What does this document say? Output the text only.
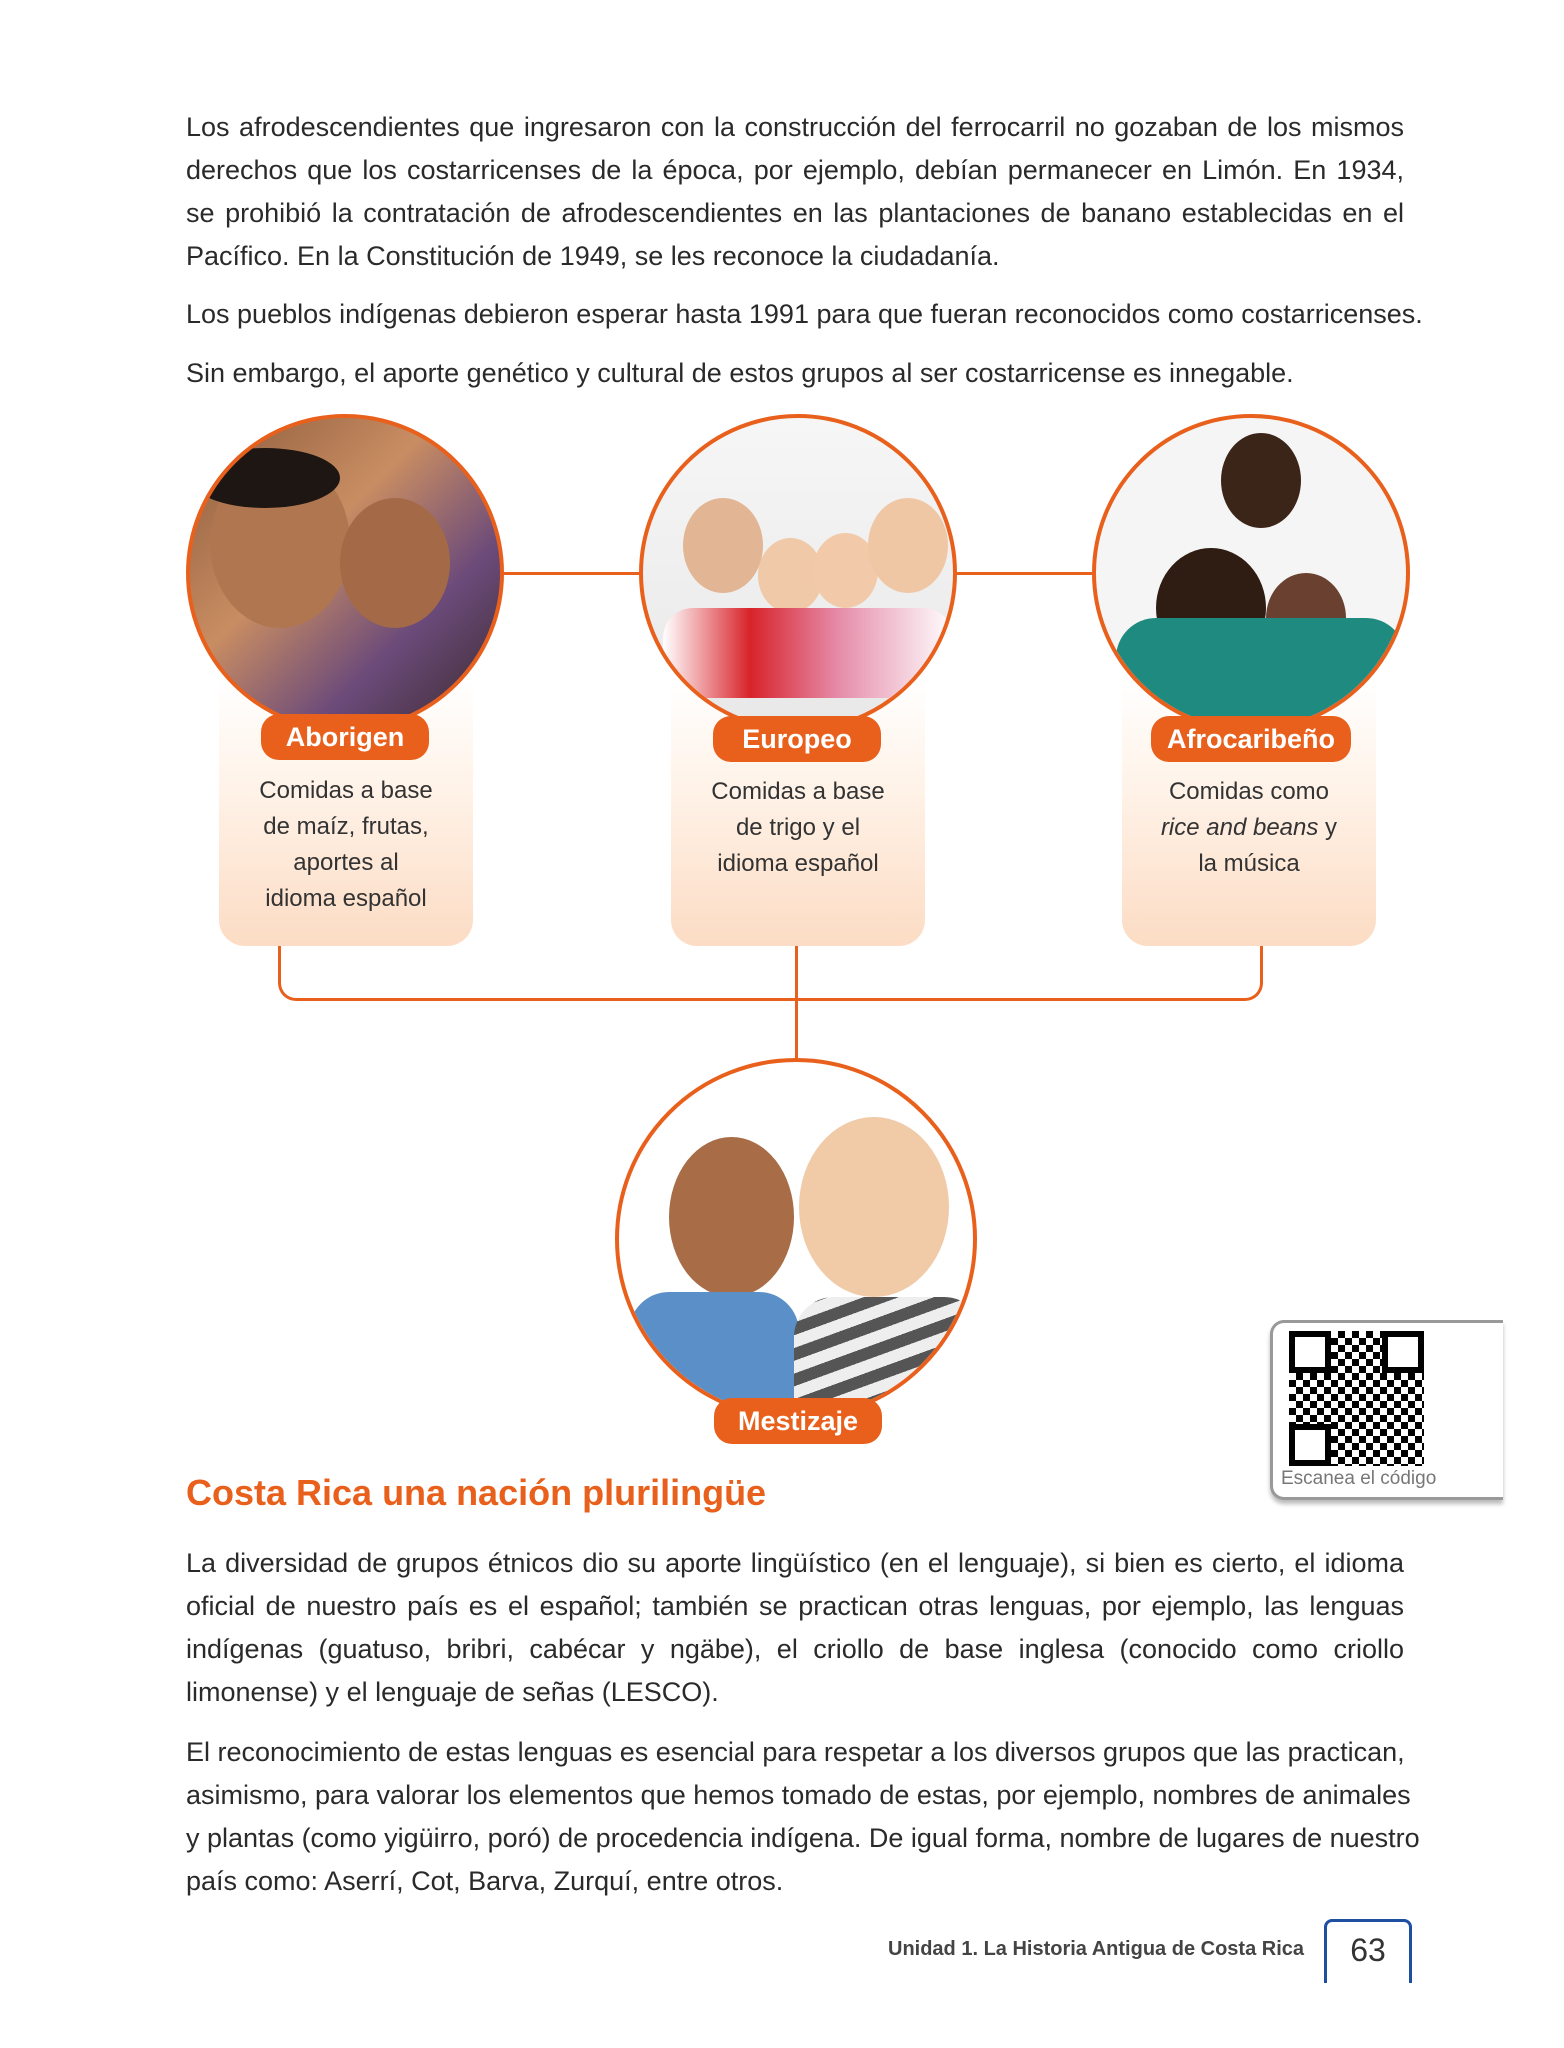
Los afrodescendientes que ingresaron con la construcción del ferrocarril no gozaban de los mismos
derechos que los costarricenses de la época, por ejemplo, debían permanecer en Limón. En 1934,
se prohibió la contratación de afrodescendientes en las plantaciones de banano establecidas en el
Pacífico. En la Constitución de 1949, se les reconoce la ciudadanía.
Los pueblos indígenas debieron esperar hasta 1991 para que fueran reconocidos como costarricenses.
Sin embargo, el aporte genético y cultural de estos grupos al ser costarricense es innegable.
Comidas a base
de maíz, frutas,
aportes al
idioma español
Comidas a base
de trigo y el
idioma español
Comidas como
rice and beans y
la música
Aborigen	Europeo	Afrocaribeño
Mestizaje
Escanea el código
Costa Rica una nación plurilingüe
La diversidad de grupos étnicos dio su aporte lingüístico (en el lenguaje), si bien es cierto, el idioma
oficial de nuestro país es el español; también se practican otras lenguas, por ejemplo, las lenguas
indígenas (guatuso, bribri, cabécar y ngäbe), el criollo de base inglesa (conocido como criollo
limonense) y el lenguaje de señas (LESCO).
El reconocimiento de estas lenguas es esencial para respetar a los diversos grupos que las practican,
asimismo, para valorar los elementos que hemos tomado de estas, por ejemplo, nombres de animales
y plantas (como yigüirro, poró) de procedencia indígena. De igual forma, nombre de lugares de nuestro
país como: Aserrí, Cot, Barva, Zurquí, entre otros.
Unidad 1. La Historia Antigua de Costa Rica	63
